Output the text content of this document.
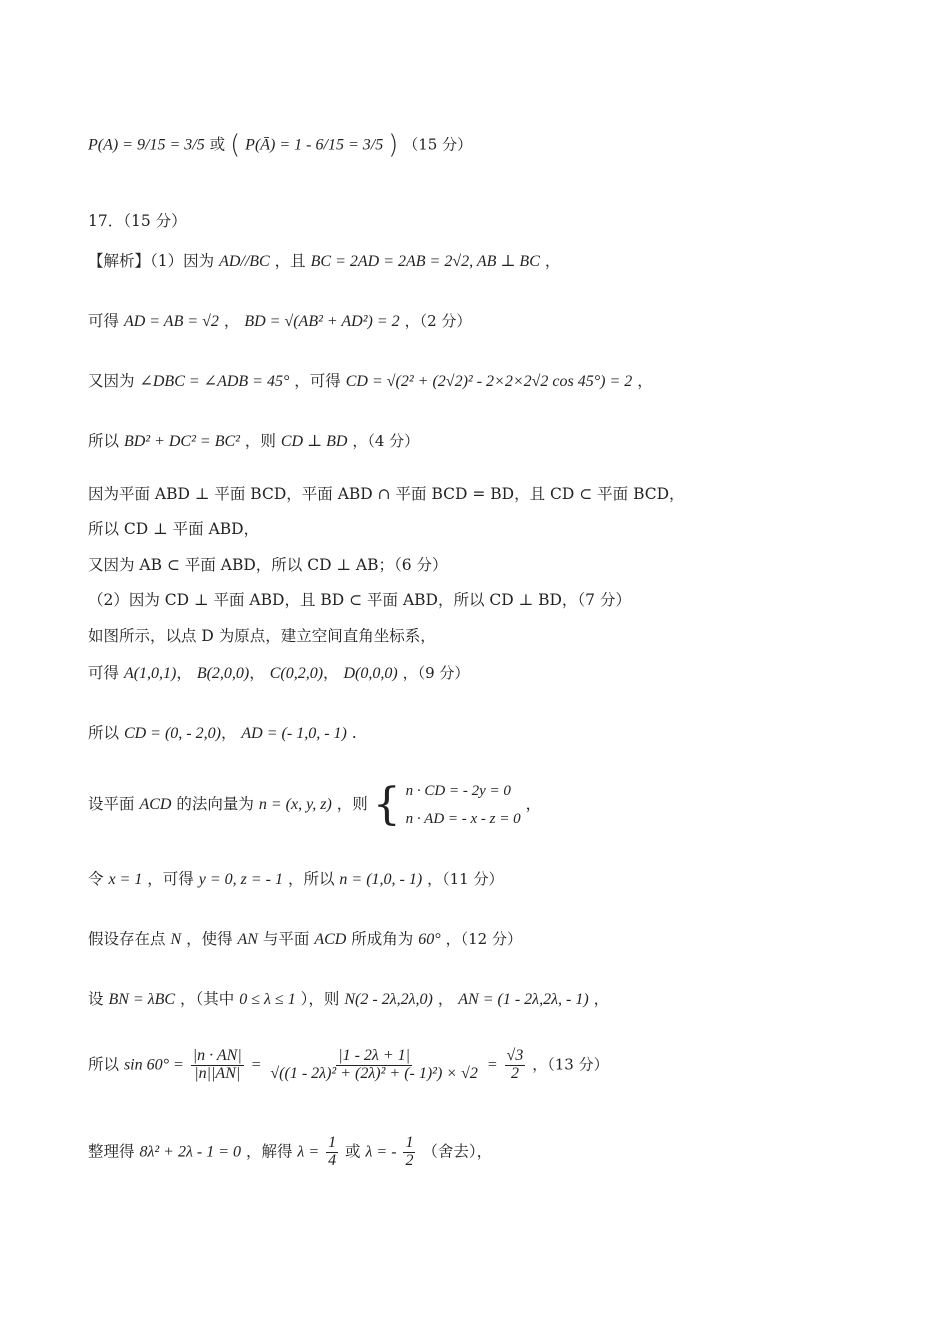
P(A) = 9/15 = 3/5 或 ( P(Ā) = 1 - 6/15 = 3/5 ) （15 分）
17．（15 分）
【解析】（1）因为 AD//BC ，且 BC = 2AD = 2AB = 2√2, AB ⊥ BC ，
可得 AD = AB = √2 ， BD = √(AB² + AD²) = 2 ，（2 分）
又因为 ∠DBC = ∠ADB = 45° ，可得 CD = √(2² + (2√2)² - 2×2×2√2 cos 45°) = 2 ，
所以 BD² + DC² = BC² ，则 CD ⊥ BD ，（4 分）
因为平面 ABD ⊥ 平面 BCD，平面 ABD ∩ 平面 BCD = BD，且 CD ⊂ 平面 BCD，
所以 CD ⊥ 平面 ABD，
又因为 AB ⊂ 平面 ABD，所以 CD ⊥ AB；（6 分）
（2）因为 CD ⊥ 平面 ABD，且 BD ⊂ 平面 ABD，所以 CD ⊥ BD，（7 分）
如图所示，以点 D 为原点，建立空间直角坐标系，
可得 A(1,0,1)， B(2,0,0)， C(0,2,0)， D(0,0,0) ，（9 分）
所以 CD = (0, - 2,0)， AD = (- 1,0, - 1) .
设平面 ACD 的法向量为 n = (x, y, z) ，则 { n · CD = - 2y = 0
n · AD = - x - z = 0
，
令 x = 1 ，可得 y = 0, z = - 1 ，所以 n = (1,0, - 1) ，（11 分）
假设存在点 N ，使得 AN 与平面 ACD 所成角为 60° ，（12 分）
设 BN = λBC ，（其中 0 ≤ λ ≤ 1 ），则 N(2 - 2λ,2λ,0) ， AN = (1 - 2λ,2λ, - 1) ，
所以 $\sin 60^\circ = \frac{|n \cdot AN|}{|n||AN|} = \frac{|1 - 2\lambda + 1|}{\text{√((1 - 2λ)² + (2λ)² + (- 1)²) × √2}} = \frac{√3}{2}$ ，（13 分）
整理得 8λ² + 2λ - 1 = 0 ，解得 $\lambda = \frac{1}{4}$ 或 λ = - $\frac{1}{2}$ （舍去），
